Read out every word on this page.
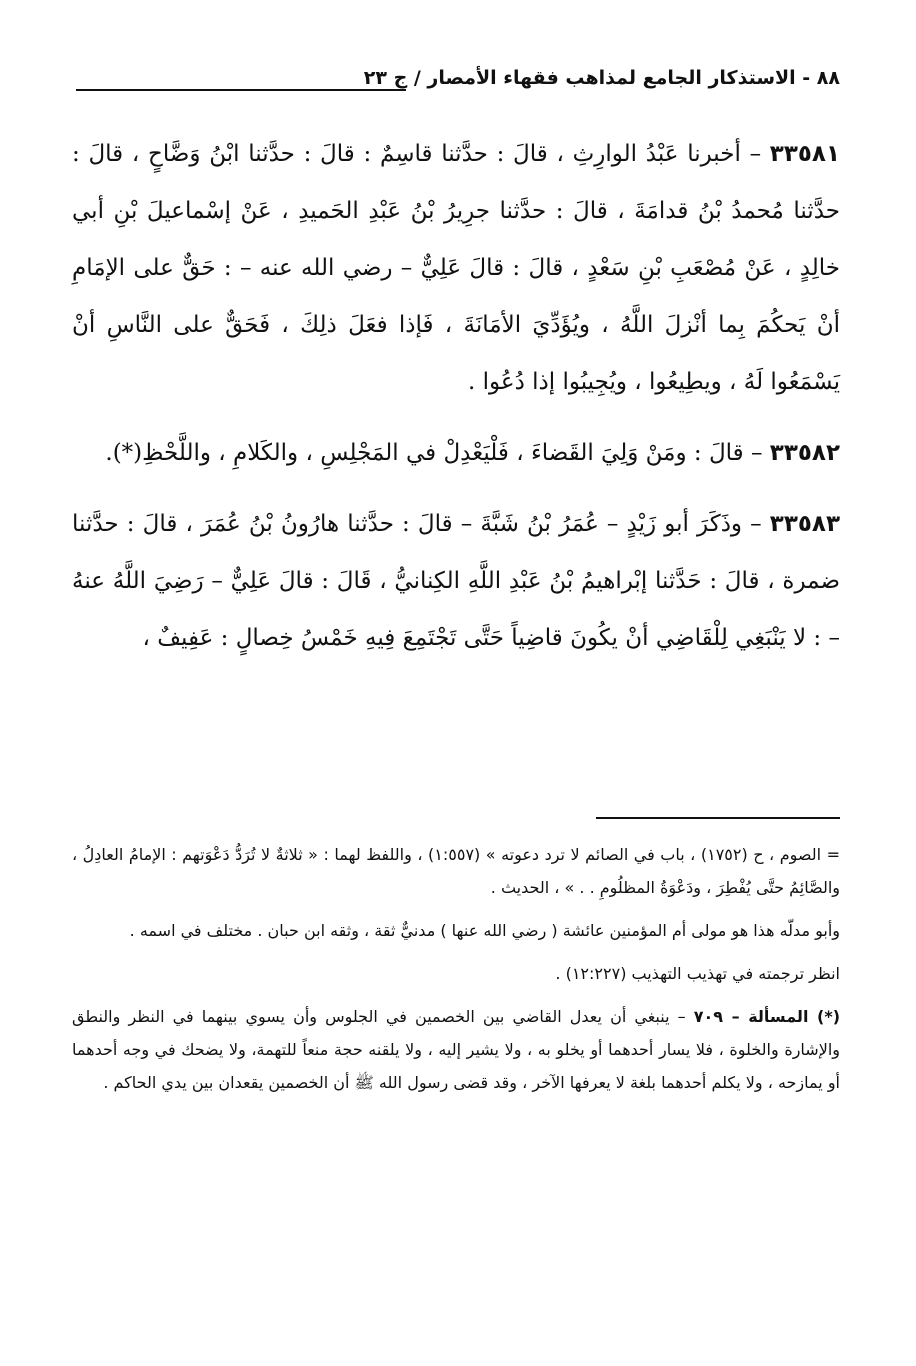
٨٨ - الاستذكار الجامع لمذاهب فقهاء الأمصار / ج ٢٣

٣٣٥٨١ – أخبرنا عَبْدُ الوارِثِ ، قالَ : حدَّثنا قاسِمٌ : قالَ : حدَّثنا ابْنُ وَضَّاحٍ ، قالَ : حدَّثنا مُحمدُ بْنُ قدامَةَ ، قالَ : حدَّثنا جرِيرُ بْنُ عَبْدِ الحَميدِ ، عَنْ إسْماعيلَ بْنِ أبي خالِدٍ ، عَنْ مُصْعَبِ بْنِ سَعْدٍ ، قالَ : قالَ عَلِيٌّ – رضي الله عنه – : حَقٌّ على الإمَامِ أنْ يَحكُمَ بِما أنْزلَ اللَّهُ ، ويُؤَدِّيَ الأمَانَةَ ، فَإذا فعَلَ ذلِكَ ، فَحَقٌّ على النَّاسِ أنْ يَسْمَعُوا لَهُ ، ويطِيعُوا ، ويُجِيبُوا إذا دُعُوا .

٣٣٥٨٢ – قالَ : ومَنْ وَلِيَ القَضاءَ ، فَلْيَعْدِلْ في المَجْلِسِ ، والكَلامِ ، واللَّحْظِ(*).

٣٣٥٨٣ – وذَكَرَ أبو زَيْدٍ – عُمَرُ بْنُ شَبَّةَ – قالَ : حدَّثنا هارُونُ بْنُ عُمَرَ ، قالَ : حدَّثنا ضمرة ، قالَ : حَدَّثنا إبْراهيمُ بْنُ عَبْدِ اللَّهِ الكِنانيُّ ، قَالَ : قالَ عَلِيٌّ – رَضِيَ اللَّهُ عنهُ – : لا يَنْبَغِي لِلْقَاضِي أنْ يكُونَ قاضِياً حَتَّى تَجْتَمِعَ فِيهِ خَمْسُ خِصالٍ : عَفِيفٌ ،

= الصوم ، ح (١٧٥٢) ، باب في الصائم لا ترد دعوته » (١:٥٥٧) ، واللفظ لهما : « ثلاثةٌ لا تُرَدُّ دَعْوَتهم : الإمامُ العادِلُ ، والصَّائِمُ حتَّى يُفْطِرَ ، ودَعْوَةُ المظلُومِ . . » ، الحديث .

وأبو مدلّه هذا هو مولى أم المؤمنين عائشة ( رضي الله عنها ) مدنيٌّ ثقة ، وثقه ابن حبان . مختلف في اسمه .

انظر ترجمته في تهذيب التهذيب (١٢:٢٢٧) .

(*) المسألة – ٧٠٩ – ينبغي أن يعدل القاضي بين الخصمين في الجلوس وأن يسوي بينهما في النظر والنطق والإشارة والخلوة ، فلا يسار أحدهما أو يخلو به ، ولا يشير إليه ، ولا يلقنه حجة منعاً للتهمة، ولا يضحك في وجه أحدهما أو يمازحه ، ولا يكلم أحدهما بلغة لا يعرفها الآخر ، وقد قضى رسول الله ﷺ أن الخصمين يقعدان بين يدي الحاكم .
